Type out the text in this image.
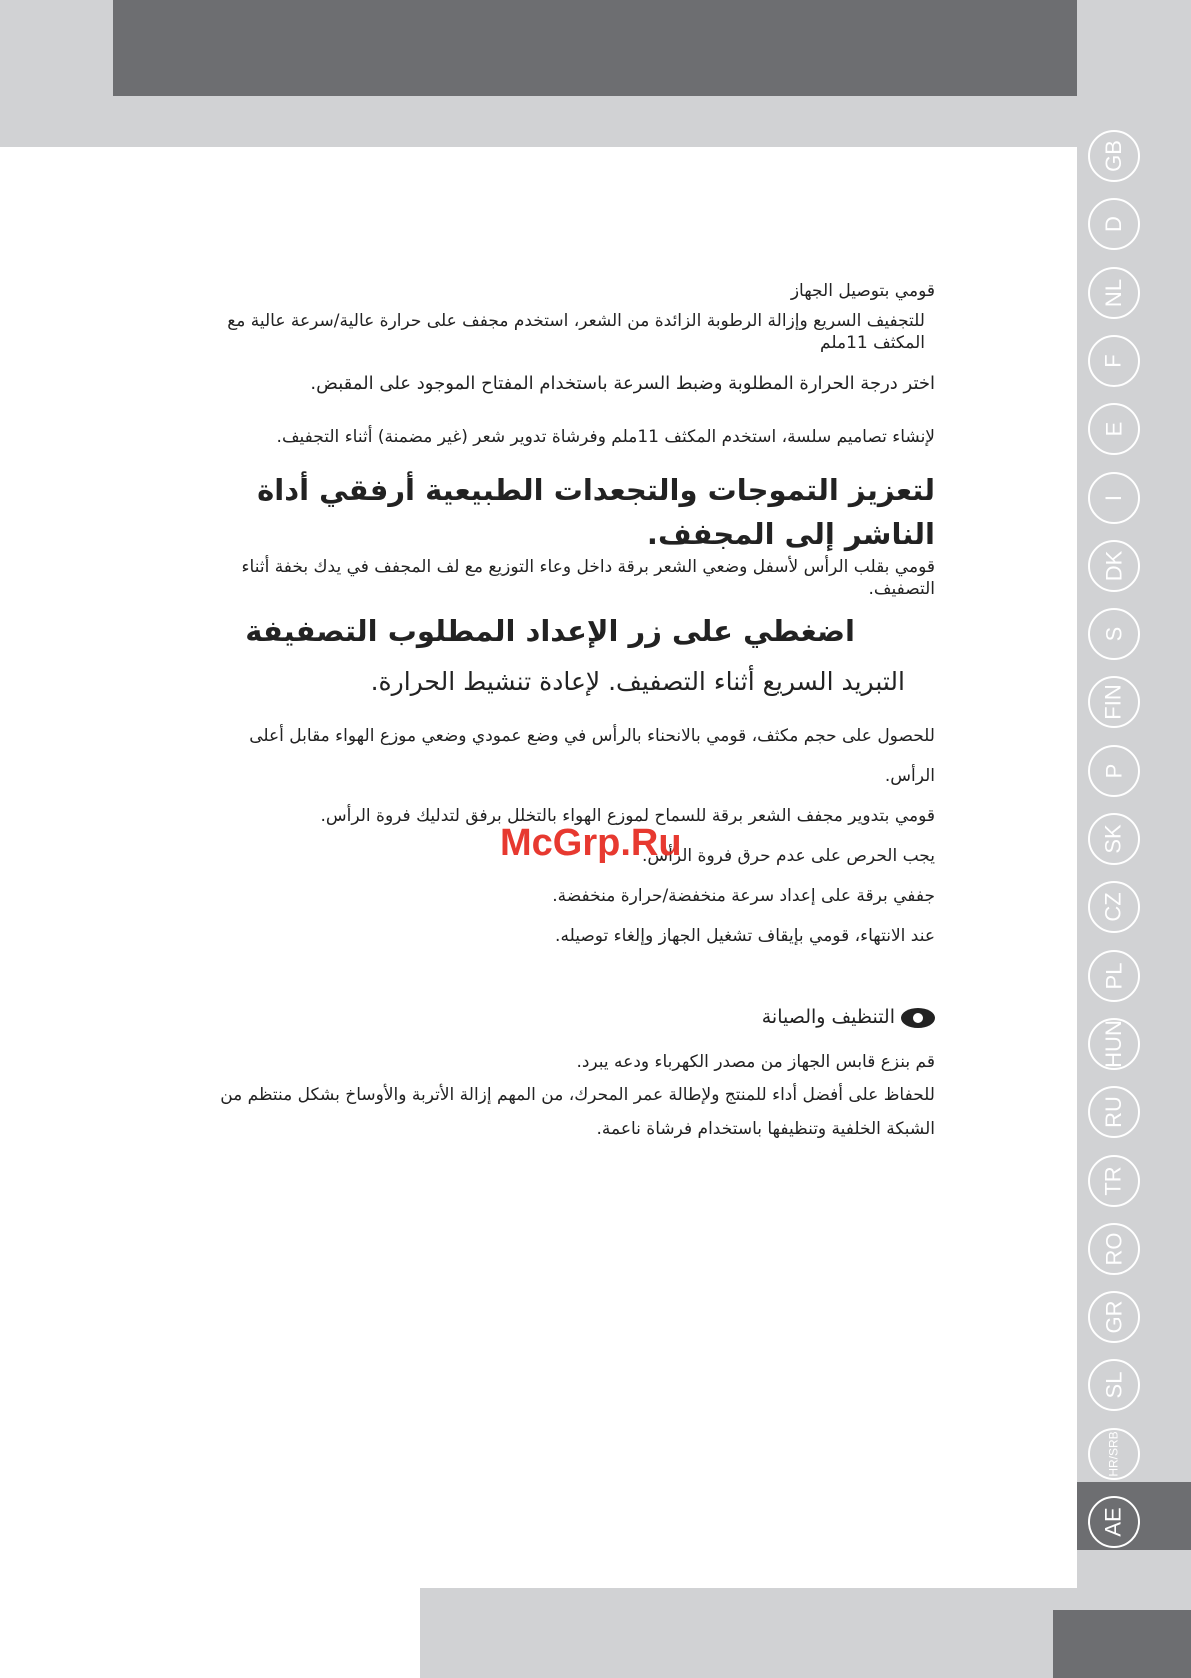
GB
D
NL
F
E
I
DK
S
FIN
P
SK
CZ
PL
HUN
RU
TR
RO
GR
SL
HR/SRB
AE

قومي بتوصيل الجهاز

للتجفيف السريع وإزالة الرطوبة الزائدة من الشعر، استخدم مجفف على حرارة عالية/سرعة عالية مع المكثف 11ملم

اختر درجة الحرارة المطلوبة وضبط السرعة باستخدام المفتاح الموجود على المقبض.

لإنشاء تصاميم سلسة، استخدم المكثف 11ملم وفرشاة تدوير شعر (غير مضمنة) أثناء التجفيف.

لتعزيز التموجات والتجعدات الطبيعية أرفقي أداة الناشر إلى المجفف.

قومي بقلب الرأس لأسفل وضعي الشعر برقة داخل وعاء التوزيع مع لف المجفف في يدك بخفة أثناء التصفيف.

اضغطي على زر الإعداد المطلوب التصفيفة

التبريد السريع أثناء التصفيف. لإعادة تنشيط الحرارة.

للحصول على حجم مكثف، قومي بالانحناء بالرأس في وضع عمودي وضعي موزع الهواء مقابل أعلى الرأس.

قومي بتدوير مجفف الشعر برقة للسماح لموزع الهواء بالتخلل برفق لتدليك فروة الرأس.

يجب الحرص على عدم حرق فروة الرأس.

جففي برقة على إعداد سرعة منخفضة/حرارة منخفضة.

عند الانتهاء، قومي بإيقاف تشغيل الجهاز وإلغاء توصيله.

التنظيف والصيانة

قم بنزع قابس الجهاز من مصدر الكهرباء ودعه يبرد.

للحفاظ على أفضل أداء للمنتج ولإطالة عمر المحرك، من المهم إزالة الأتربة والأوساخ بشكل منتظم من الشبكة الخلفية وتنظيفها باستخدام فرشاة ناعمة.

McGrp.Ru
